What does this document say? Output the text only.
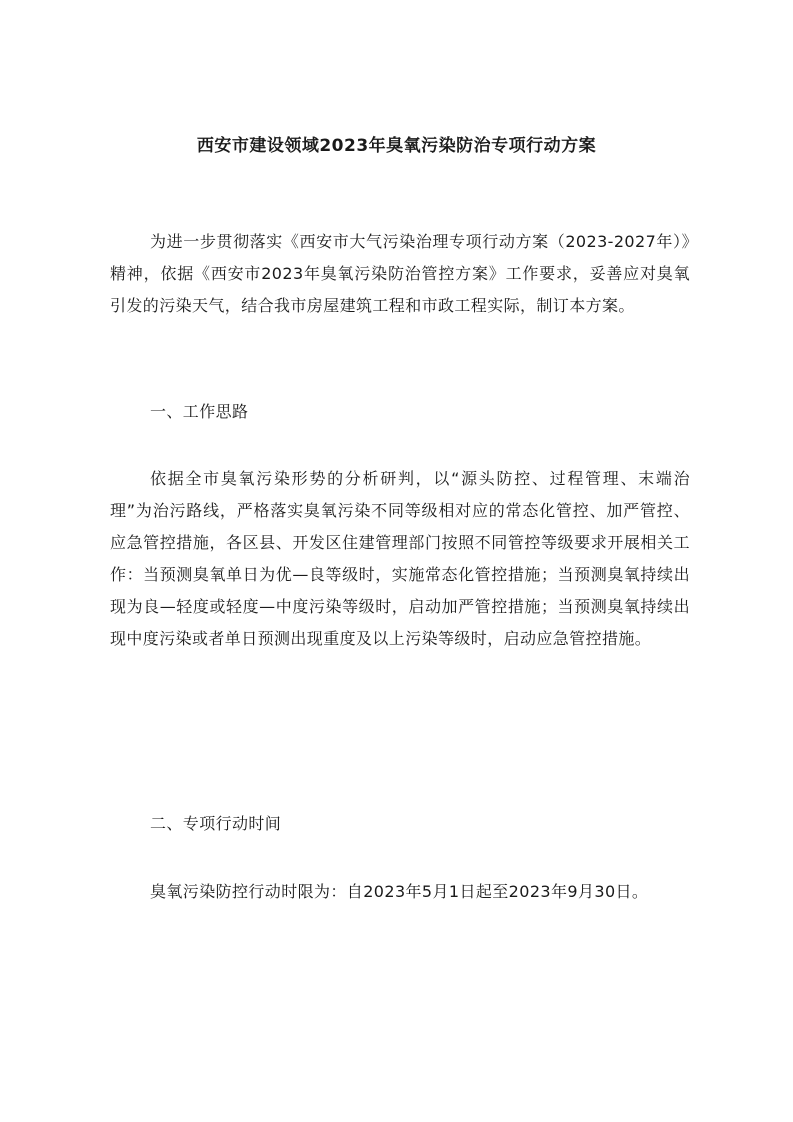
西安市建设领域2023年臭氧污染防治专项行动方案

为进一步贯彻落实《西安市大气污染治理专项行动方案（2023-2027年）》精神，依据《西安市2023年臭氧污染防治管控方案》工作要求，妥善应对臭氧引发的污染天气，结合我市房屋建筑工程和市政工程实际，制订本方案。

一、工作思路

依据全市臭氧污染形势的分析研判，以“源头防控、过程管理、末端治理”为治污路线，严格落实臭氧污染不同等级相对应的常态化管控、加严管控、应急管控措施，各区县、开发区住建管理部门按照不同管控等级要求开展相关工作：当预测臭氧单日为优—良等级时，实施常态化管控措施；当预测臭氧持续出现为良—轻度或轻度—中度污染等级时，启动加严管控措施；当预测臭氧持续出现中度污染或者单日预测出现重度及以上污染等级时，启动应急管控措施。

二、专项行动时间

臭氧污染防控行动时限为：自2023年5月1日起至2023年9月30日。
